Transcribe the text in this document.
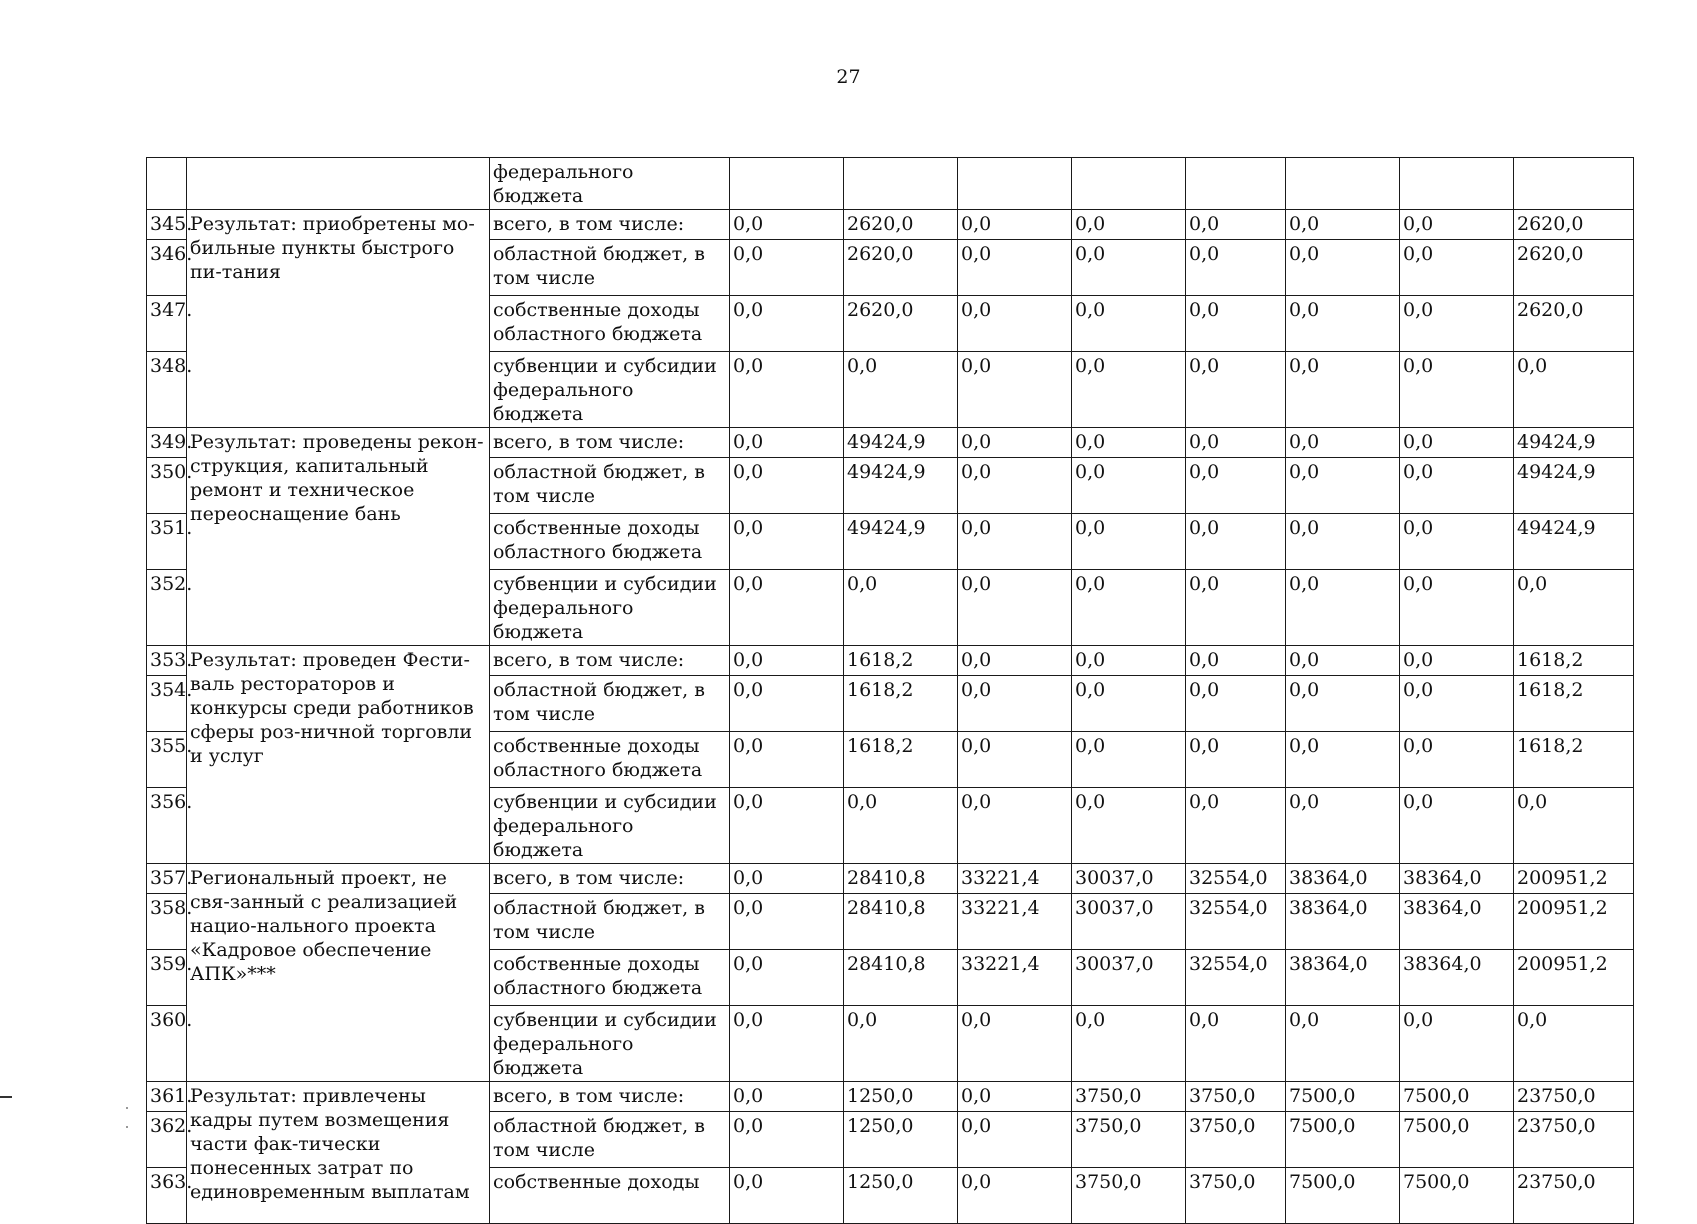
27
		федерального бюджета								
345.	Результат: приобретены мо-бильные пункты быстрого пи-тания	всего, в том числе:	0,0	2620,0	0,0	0,0	0,0	0,0	0,0	2620,0
346.		областной бюджет, в том числе	0,0	2620,0	0,0	0,0	0,0	0,0	0,0	2620,0
347.		собственные доходы областного бюджета	0,0	2620,0	0,0	0,0	0,0	0,0	0,0	2620,0
348.		субвенции и субсидии федерального бюджета	0,0	0,0	0,0	0,0	0,0	0,0	0,0	0,0
349.	Результат: проведены рекон-струкция, капитальный ремонт и техническое переоснащение бань	всего, в том числе:	0,0	49424,9	0,0	0,0	0,0	0,0	0,0	49424,9
350.		областной бюджет, в том числе	0,0	49424,9	0,0	0,0	0,0	0,0	0,0	49424,9
351.		собственные доходы областного бюджета	0,0	49424,9	0,0	0,0	0,0	0,0	0,0	49424,9
352.		субвенции и субсидии федерального бюджета	0,0	0,0	0,0	0,0	0,0	0,0	0,0	0,0
353.	Результат: проведен Фести-валь рестораторов и конкурсы среди работников сферы роз-ничной торговли и услуг	всего, в том числе:	0,0	1618,2	0,0	0,0	0,0	0,0	0,0	1618,2
354.		областной бюджет, в том числе	0,0	1618,2	0,0	0,0	0,0	0,0	0,0	1618,2
355.		собственные доходы областного бюджета	0,0	1618,2	0,0	0,0	0,0	0,0	0,0	1618,2
356.		субвенции и субсидии федерального бюджета	0,0	0,0	0,0	0,0	0,0	0,0	0,0	0,0
357.	Региональный проект, не свя-занный с реализацией нацио-нального проекта «Кадровое обеспечение АПК»***	всего, в том числе:	0,0	28410,8	33221,4	30037,0	32554,0	38364,0	38364,0	200951,2
358.		областной бюджет, в том числе	0,0	28410,8	33221,4	30037,0	32554,0	38364,0	38364,0	200951,2
359.		собственные доходы областного бюджета	0,0	28410,8	33221,4	30037,0	32554,0	38364,0	38364,0	200951,2
360.		субвенции и субсидии федерального бюджета	0,0	0,0	0,0	0,0	0,0	0,0	0,0	0,0
361.	Результат: привлечены кадры путем возмещения части фак-тически понесенных затрат по единовременным выплатам	всего, в том числе:	0,0	1250,0	0,0	3750,0	3750,0	7500,0	7500,0	23750,0
362.		областной бюджет, в том числе	0,0	1250,0	0,0	3750,0	3750,0	7500,0	7500,0	23750,0
363.		собственные доходы	0,0	1250,0	0,0	3750,0	3750,0	7500,0	7500,0	23750,0
